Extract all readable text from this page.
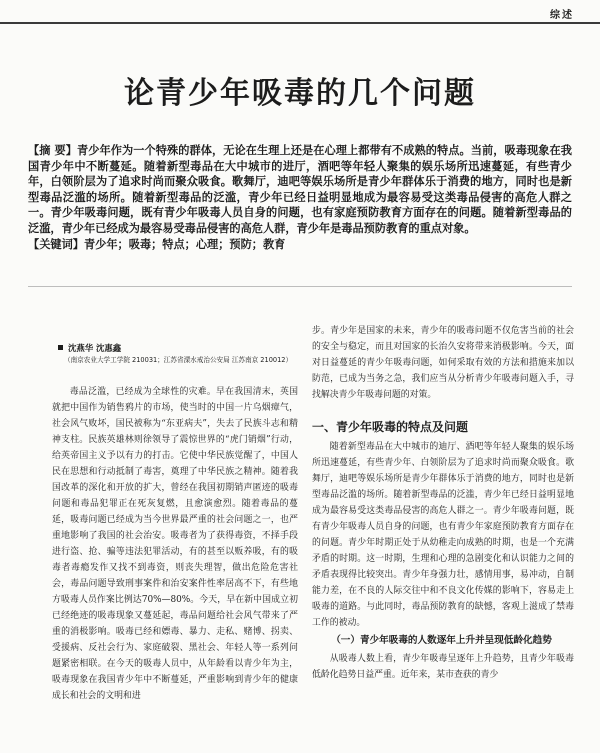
综述
论青少年吸毒的几个问题

【摘 要】青少年作为一个特殊的群体，无论在生理上还是在心理上都带有不成熟的特点。当前，吸毒现象在我国青少年中不断蔓延。随着新型毒品在大中城市的进厅，酒吧等年轻人聚集的娱乐场所迅速蔓延，有些青少年，白领阶层为了追求时尚而聚众吸食。歌舞厅，迪吧等娱乐场所是青少年群体乐于消费的地方，同时也是新型毒品泛滥的场所。随着新型毒品的泛滥，青少年已经日益明显地成为最容易受这类毒品侵害的高危人群之一。青少年吸毒问题，既有青少年吸毒人员自身的问题，也有家庭预防教育方面存在的问题。随着新型毒品的泛滥，青少年已经成为最容易受毒品侵害的高危人群，青少年是毒品预防教育的重点对象。

【关键词】青少年；吸毒；特点；心理；预防；教育

沈燕华 沈惠鑫
（南京农业大学工学院 210031；江苏省溧水戒治公安局 江苏南京 210012）

毒品泛滥，已经成为全球性的灾难。早在我国清末，英国就把中国作为销售鸦片的市场，使当时的中国一片乌烟瘴气，社会风气败坏，国民被称为“东亚病夫”，失去了民族斗志和精神支柱。民族英雄林则徐领导了震惊世界的“虎门销烟”行动，给英帝国主义予以有力的打击。它使中华民族觉醒了，中国人民在思想和行动抵制了毒害，奠理了中华民族之精神。随着我国改革的深化和开放的扩大，曾经在我国初期销声匿迹的吸毒问题和毒品犯罪正在死灰复燃，且愈演愈烈。随着毒品的蔓延，吸毒问题已经成为当今世界最严重的社会问题之一，也严重地影响了我国的社会治安。吸毒者为了获得毒资，不择手段进行盗、抢、骗等违法犯罪活动，有的甚至以贩养吸，有的吸毒者毒瘾发作又找不到毒资，则丧失理智，做出危险危害社会，毒品问题导致刑事案件和治安案件性率居高不下，有些地方吸毒人员作案比例达70%—80%。今天，早在新中国成立初已经绝迹的吸毒现象又蔓延起，毒品问题给社会风气带来了严重的消极影响。吸毒已经和嫖毒、暴力、走私、赌博、拐卖、受援病、反社会行为、家庭破裂、黑社会、年轻人等一系列问题紧密相联。在今天的吸毒人员中，从年龄看以青少年为主，吸毒现象在我国青少年中不断蔓延，严重影响到青少年的健康成长和社会的文明和进

步。青少年是国家的未来，青少年的吸毒问题不仅危害当前的社会的安全与稳定，而且对国家的长治久安将带来消极影响。今天，面对日益蔓延的青少年吸毒问题，如何采取有效的方法和措施来加以防范，已成为当务之急，我们应当从分析青少年吸毒问题入手，寻找解决青少年吸毒问题的对策。

一、青少年吸毒的特点及问题

随着新型毒品在大中城市的迪厅、酒吧等年轻人聚集的娱乐场所迅速蔓延，有些青少年、白领阶层为了追求时尚而聚众吸食。歌舞厅，迪吧等娱乐场所是青少年群体乐于消费的地方，同时也是新型毒品泛滥的场所。随着新型毒品的泛滥，青少年已经日益明显地成为最容易受这类毒品侵害的高危人群之一。青少年吸毒问题，既有青少年吸毒人员自身的问题，也有青少年家庭预防教育方面存在的问题。青少年时期正处于从幼稚走向成熟的时期，也是一个充满矛盾的时期。这一时期，生理和心理的急剧变化和认识能力之间的矛盾表现得比较突出。青少年身强力壮，感情用事，易冲动，自制能力差，在不良的人际交往中和不良文化传媒的影响下，容易走上吸毒的道路。与此同时，毒品预防教育的缺憾，客观上滋成了禁毒工作的被动。

（一）青少年吸毒的人数逐年上升并呈现低龄化趋势

从吸毒人数上看，青少年吸毒呈逐年上升趋势，且青少年吸毒低龄化趋势日益严重。近年来，某市查获的青少
